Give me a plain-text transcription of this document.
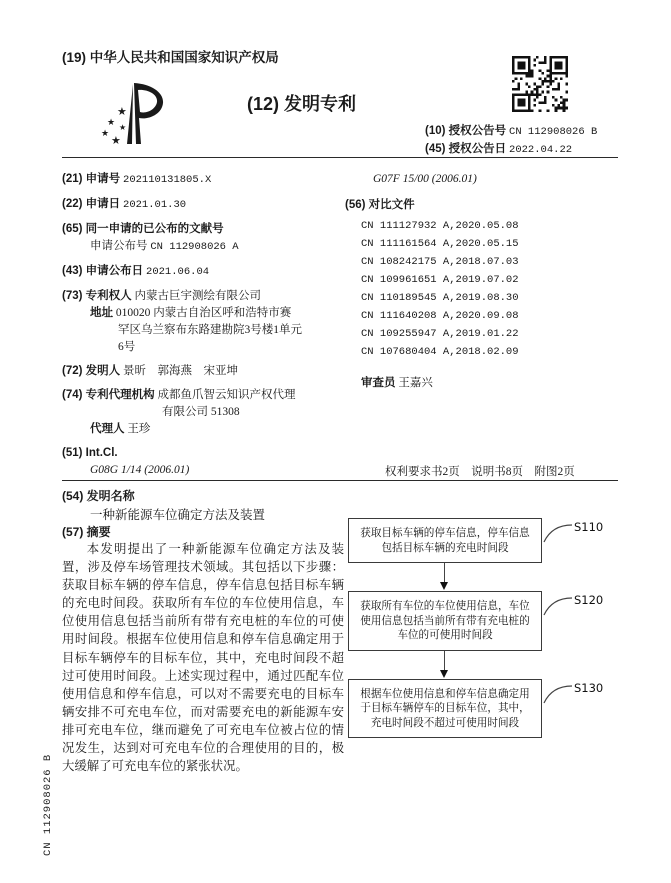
CN 112908026 B
(19) 中华人民共和国国家知识产权局
★
★ ★
★ ★
(12) 发明专利
(10) 授权公告号 CN 112908026 B
(45) 授权公告日 2022.04.22
(21) 申请号 202110131805.X
(22) 申请日 2021.01.30
(65) 同一申请的已公布的文献号
申请公布号 CN 112908026 A
(43) 申请公布日 2021.06.04
(73) 专利权人 内蒙古巨宇测绘有限公司
地址 010020 内蒙古自治区呼和浩特市赛
罕区乌兰察布东路建勘院3号楼1单元
6号
(72) 发明人 景昕　郭海燕　宋亚坤
(74) 专利代理机构 成都鱼爪智云知识产权代理
有限公司 51308
代理人 王珍
(51) Int.Cl.
G08G 1/14 (2006.01)
G07F 15/00 (2006.01)
(56) 对比文件
CN 111127932 A,2020.05.08
CN 111161564 A,2020.05.15
CN 108242175 A,2018.07.03
CN 109961651 A,2019.07.02
CN 110189545 A,2019.08.30
CN 111640208 A,2020.09.08
CN 109255947 A,2019.01.22
CN 107680404 A,2018.02.09
审查员 王嘉兴
权利要求书2页　说明书8页　附图2页
(54) 发明名称
一种新能源车位确定方法及装置
(57) 摘要
本发明提出了一种新能源车位确定方法及装置，涉及停车场管理技术领域。其包括以下步骤：获取目标车辆的停车信息，停车信息包括目标车辆的充电时间段。获取所有车位的车位使用信息，车位使用信息包括当前所有带有充电桩的车位的可使用时间段。根据车位使用信息和停车信息确定用于目标车辆停车的目标车位，其中，充电时间段不超过可使用时间段。上述实现过程中，通过匹配车位使用信息和停车信息，可以对不需要充电的目标车辆安排不可充电车位，而对需要充电的新能源车安排可充电车位，继而避免了可充电车位被占位的情况发生，达到对可充电车位的合理使用的目的，极大缓解了可充电车位的紧张状况。
获取目标车辆的停车信息，停车信息包括目标车辆的充电时间段
S110
获取所有车位的车位使用信息，车位使用信息包括当前所有带有充电桩的车位的可使用时间段
S120
根据车位使用信息和停车信息确定用于目标车辆停车的目标车位，其中，充电时间段不超过可使用时间段
S130
